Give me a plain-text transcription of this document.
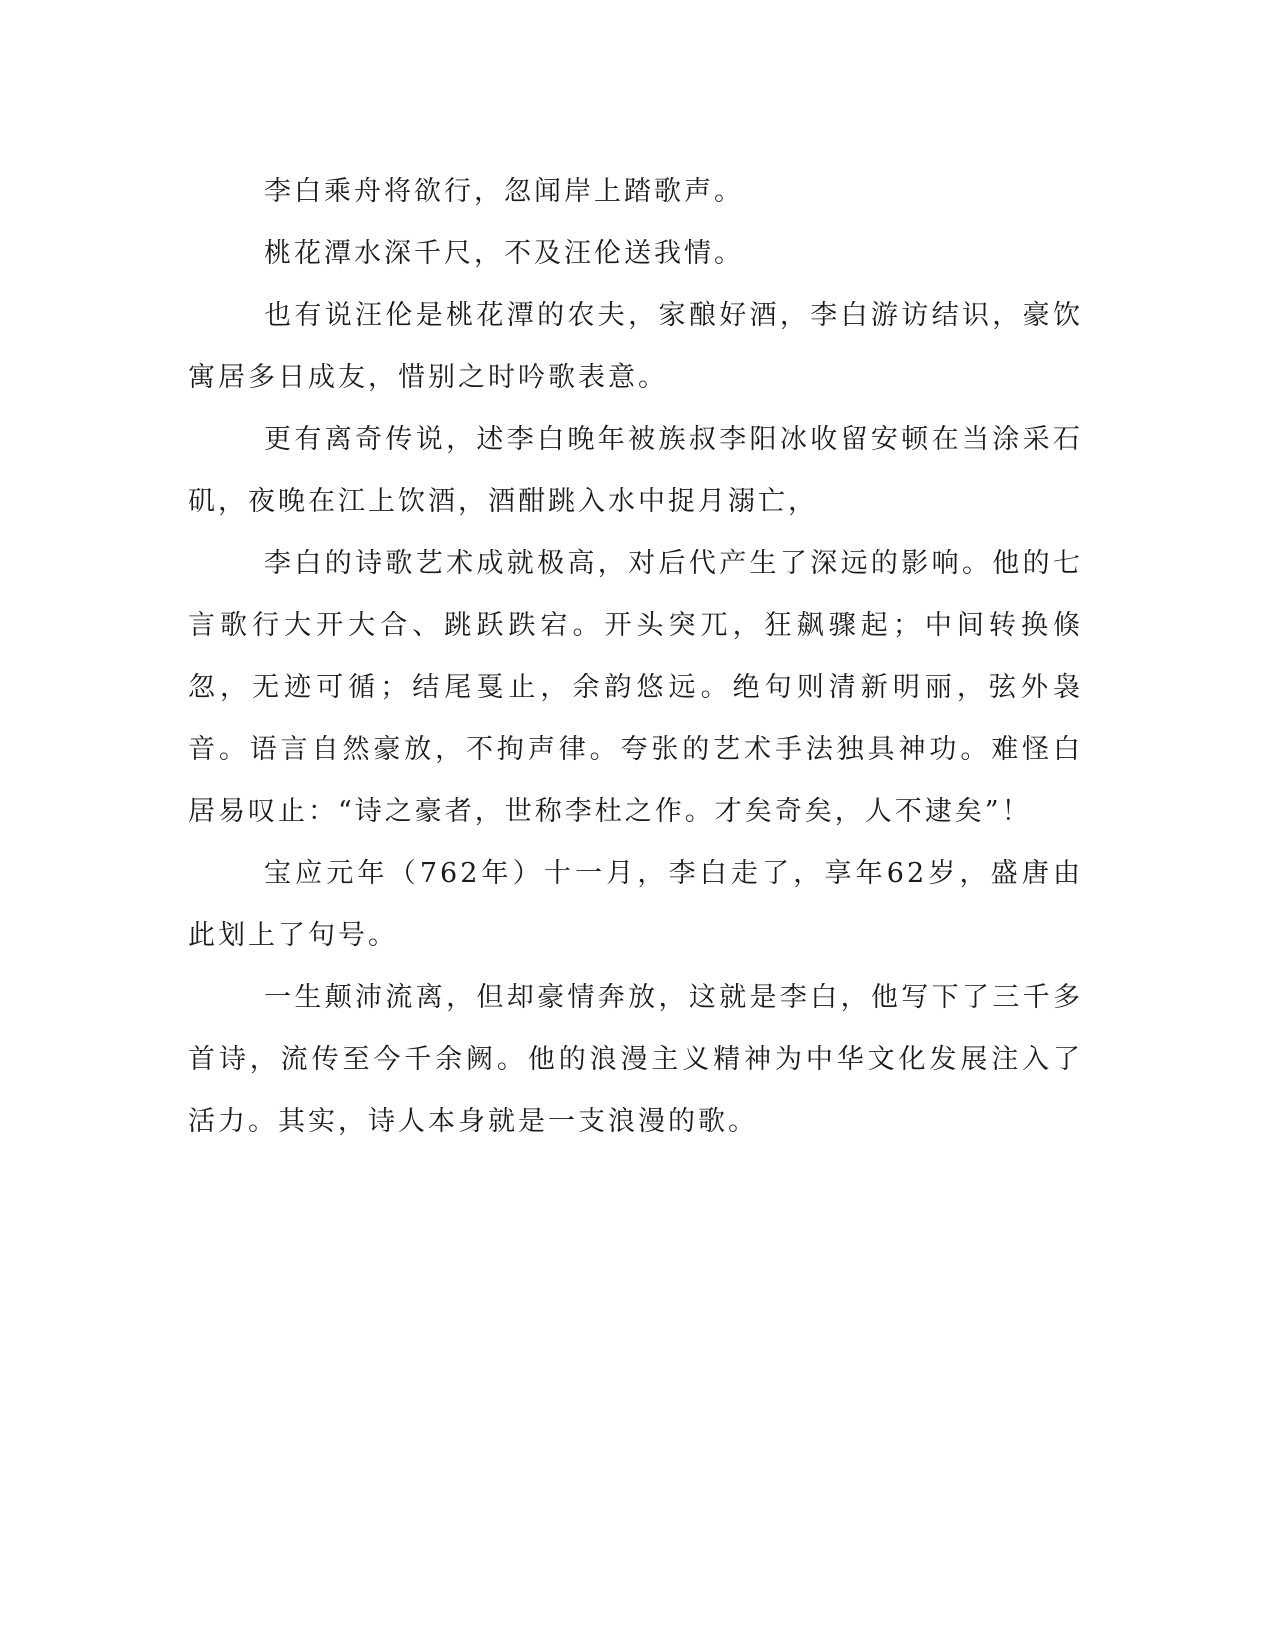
李白乘舟将欲行，忽闻岸上踏歌声。

桃花潭水深千尺，不及汪伦送我情。

也有说汪伦是桃花潭的农夫，家酿好酒，李白游访结识，豪饮寓居多日成友，惜别之时吟歌表意。

更有离奇传说，述李白晚年被族叔李阳冰收留安顿在当涂采石矶，夜晚在江上饮酒，酒酣跳入水中捉月溺亡，

李白的诗歌艺术成就极高，对后代产生了深远的影响。他的七言歌行大开大合、跳跃跌宕。开头突兀，狂飙骤起；中间转换倏忽，无迹可循；结尾戛止，余韵悠远。绝句则清新明丽，弦外袅音。语言自然豪放，不拘声律。夸张的艺术手法独具神功。难怪白居易叹止：“诗之豪者，世称李杜之作。才矣奇矣，人不逮矣”！

宝应元年（762年）十一月，李白走了，享年62岁，盛唐由此划上了句号。

一生颠沛流离，但却豪情奔放，这就是李白，他写下了三千多首诗，流传至今千余阙。他的浪漫主义精神为中华文化发展注入了活力。其实，诗人本身就是一支浪漫的歌。
